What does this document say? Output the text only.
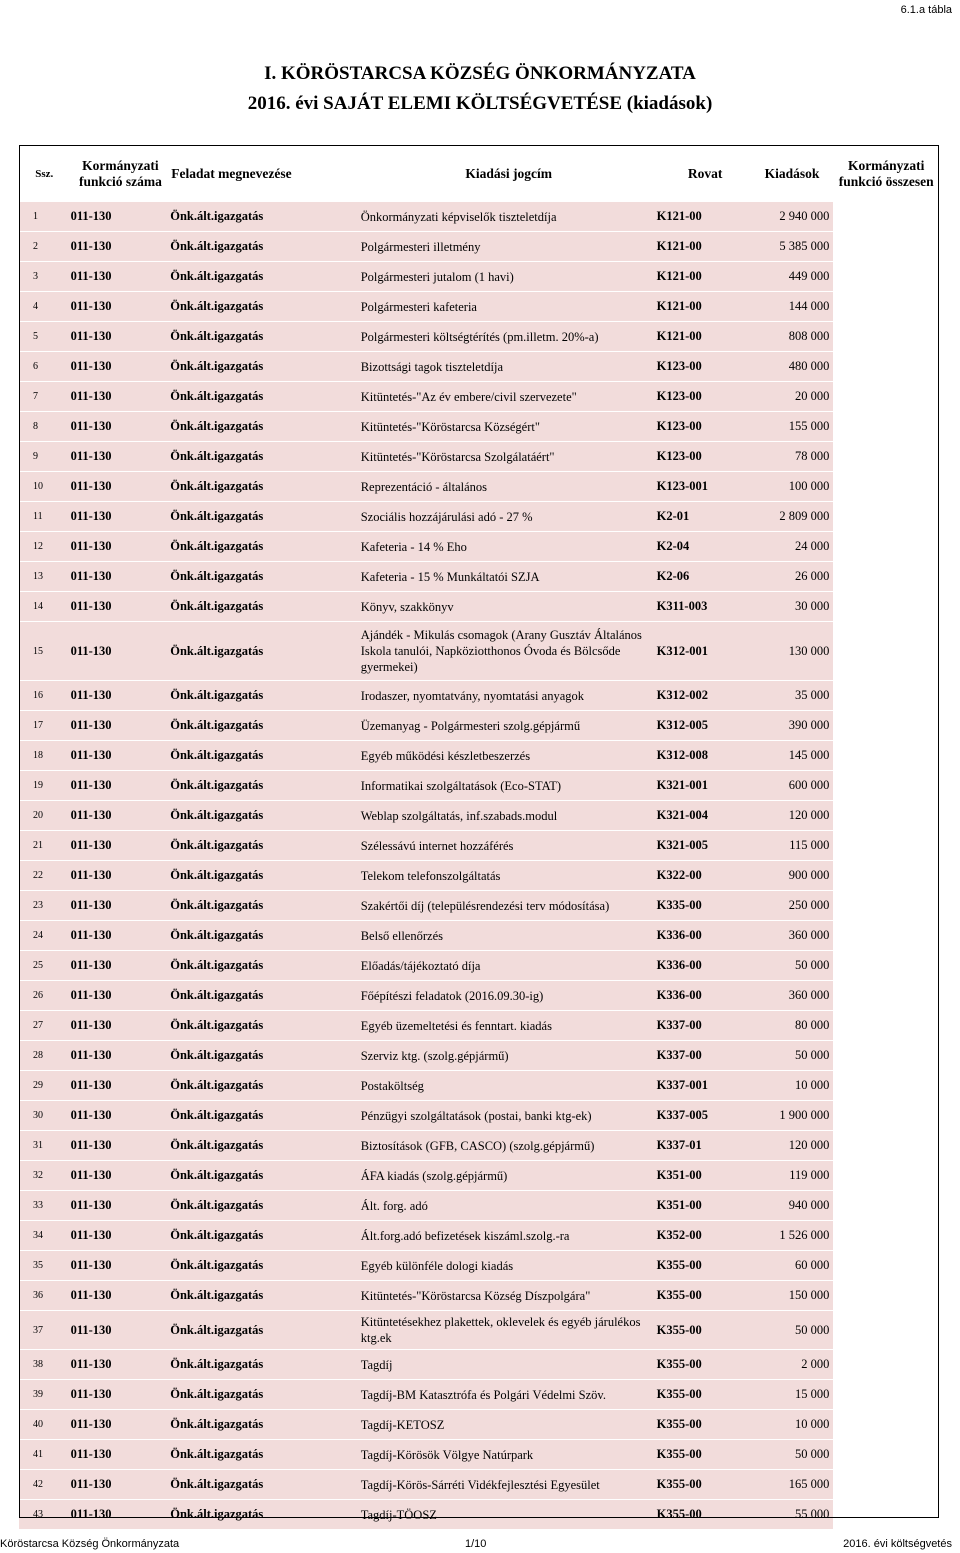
6.1.a tábla
I. KÖRÖSTARCSA KÖZSÉG ÖNKORMÁNYZATA
2016. évi SAJÁT ELEMI KÖLTSÉGVETÉSE (kiadások)
Ssz.	Kormányzati funkció száma	Feladat megnevezése	Kiadási jogcím	Rovat	Kiadások	Kormányzati funkció összesen
1	011-130	Önk.ált.igazgatás	Önkormányzati képviselők tiszteletdíja	K121-00	2 940 000	
2	011-130	Önk.ált.igazgatás	Polgármesteri illetmény	K121-00	5 385 000	
3	011-130	Önk.ált.igazgatás	Polgármesteri jutalom (1 havi)	K121-00	449 000	
4	011-130	Önk.ált.igazgatás	Polgármesteri kafeteria	K121-00	144 000	
5	011-130	Önk.ált.igazgatás	Polgármesteri költségtérítés (pm.illetm. 20%-a)	K121-00	808 000	
6	011-130	Önk.ált.igazgatás	Bizottsági tagok tiszteletdíja	K123-00	480 000	
7	011-130	Önk.ált.igazgatás	Kitüntetés-"Az év embere/civil szervezete"	K123-00	20 000	
8	011-130	Önk.ált.igazgatás	Kitüntetés-"Köröstarcsa Községért"	K123-00	155 000	
9	011-130	Önk.ált.igazgatás	Kitüntetés-"Köröstarcsa Szolgálatáért"	K123-00	78 000	
10	011-130	Önk.ált.igazgatás	Reprezentáció - általános	K123-001	100 000	
11	011-130	Önk.ált.igazgatás	Szociális hozzájárulási adó - 27 %	K2-01	2 809 000	
12	011-130	Önk.ált.igazgatás	Kafeteria - 14 % Eho	K2-04	24 000	
13	011-130	Önk.ált.igazgatás	Kafeteria - 15 % Munkáltatói SZJA	K2-06	26 000	
14	011-130	Önk.ált.igazgatás	Könyv, szakkönyv	K311-003	30 000	
15	011-130	Önk.ált.igazgatás	Ajándék - Mikulás csomagok (Arany Gusztáv Általános Iskola tanulói, Napköziotthonos Óvoda és Bölcsőde gyermekei)	K312-001	130 000	
16	011-130	Önk.ált.igazgatás	Irodaszer, nyomtatvány, nyomtatási anyagok	K312-002	35 000	
17	011-130	Önk.ált.igazgatás	Üzemanyag - Polgármesteri szolg.gépjármű	K312-005	390 000	
18	011-130	Önk.ált.igazgatás	Egyéb működési készletbeszerzés	K312-008	145 000	
19	011-130	Önk.ált.igazgatás	Informatikai szolgáltatások (Eco-STAT)	K321-001	600 000	
20	011-130	Önk.ált.igazgatás	Weblap szolgáltatás, inf.szabads.modul	K321-004	120 000	
21	011-130	Önk.ált.igazgatás	Szélessávú internet hozzáférés	K321-005	115 000	
22	011-130	Önk.ált.igazgatás	Telekom telefonszolgáltatás	K322-00	900 000	
23	011-130	Önk.ált.igazgatás	Szakértői díj (településrendezési terv módosítása)	K335-00	250 000	
24	011-130	Önk.ált.igazgatás	Belső ellenőrzés	K336-00	360 000	
25	011-130	Önk.ált.igazgatás	Előadás/tájékoztató díja	K336-00	50 000	
26	011-130	Önk.ált.igazgatás	Főépítészi feladatok (2016.09.30-ig)	K336-00	360 000	
27	011-130	Önk.ált.igazgatás	Egyéb üzemeltetési és fenntart. kiadás	K337-00	80 000	
28	011-130	Önk.ált.igazgatás	Szerviz ktg. (szolg.gépjármű)	K337-00	50 000	
29	011-130	Önk.ált.igazgatás	Postaköltség	K337-001	10 000	
30	011-130	Önk.ált.igazgatás	Pénzügyi szolgáltatások (postai, banki ktg-ek)	K337-005	1 900 000	
31	011-130	Önk.ált.igazgatás	Biztosítások (GFB, CASCO) (szolg.gépjármű)	K337-01	120 000	
32	011-130	Önk.ált.igazgatás	ÁFA kiadás (szolg.gépjármű)	K351-00	119 000	
33	011-130	Önk.ált.igazgatás	Ált. forg. adó	K351-00	940 000	
34	011-130	Önk.ált.igazgatás	Ált.forg.adó befizetések kiszáml.szolg.-ra	K352-00	1 526 000	
35	011-130	Önk.ált.igazgatás	Egyéb különféle dologi kiadás	K355-00	60 000	
36	011-130	Önk.ált.igazgatás	Kitüntetés-"Köröstarcsa Község Díszpolgára"	K355-00	150 000	
37	011-130	Önk.ált.igazgatás	Kitüntetésekhez plakettek, oklevelek és egyéb járulékos ktg.ek	K355-00	50 000	
38	011-130	Önk.ált.igazgatás	Tagdíj	K355-00	2 000	
39	011-130	Önk.ált.igazgatás	Tagdíj-BM Katasztrófa és Polgári Védelmi Szöv.	K355-00	15 000	
40	011-130	Önk.ált.igazgatás	Tagdíj-KETOSZ	K355-00	10 000	
41	011-130	Önk.ált.igazgatás	Tagdíj-Körösök Völgye Natúrpark	K355-00	50 000	
42	011-130	Önk.ált.igazgatás	Tagdíj-Körös-Sárréti Vidékfejlesztési Egyesület	K355-00	165 000	
43	011-130	Önk.ált.igazgatás	Tagdíj-TÖOSZ	K355-00	55 000	
Köröstarcsa Község Önkormányzata	1/10	2016. évi költségvetés
